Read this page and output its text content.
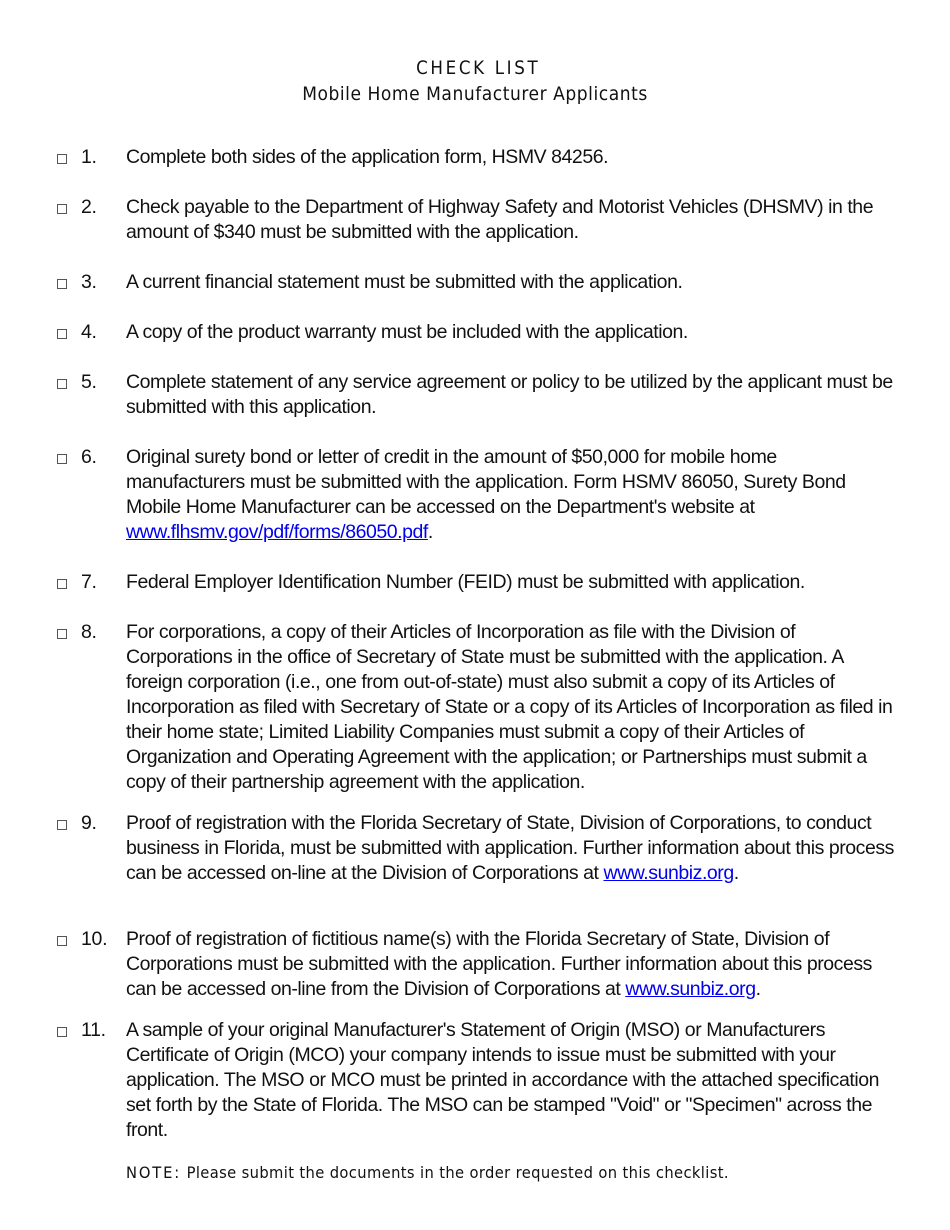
CHECK LIST
Mobile Home Manufacturer Applicants
1. Complete both sides of the application form, HSMV 84256.
2. Check payable to the Department of Highway Safety and Motorist Vehicles (DHSMV) in the amount of $340 must be submitted with the application.
3. A current financial statement must be submitted with the application.
4. A copy of the product warranty must be included with the application.
5. Complete statement of any service agreement or policy to be utilized by the applicant must be submitted with this application.
6. Original surety bond or letter of credit in the amount of $50,000 for mobile home manufacturers must be submitted with the application. Form HSMV 86050, Surety Bond Mobile Home Manufacturer can be accessed on the Department's website at www.flhsmv.gov/pdf/forms/86050.pdf.
7. Federal Employer Identification Number (FEID) must be submitted with application.
8. For corporations, a copy of their Articles of Incorporation as file with the Division of Corporations in the office of Secretary of State must be submitted with the application. A foreign corporation (i.e., one from out-of-state) must also submit a copy of its Articles of Incorporation as filed with Secretary of State or a copy of its Articles of Incorporation as filed in their home state; Limited Liability Companies must submit a copy of their Articles of Organization and Operating Agreement with the application; or Partnerships must submit a copy of their partnership agreement with the application.
9. Proof of registration with the Florida Secretary of State, Division of Corporations, to conduct business in Florida, must be submitted with application. Further information about this process can be accessed on-line at the Division of Corporations at www.sunbiz.org.
10. Proof of registration of fictitious name(s) with the Florida Secretary of State, Division of Corporations must be submitted with the application. Further information about this process can be accessed on-line from the Division of Corporations at www.sunbiz.org.
11. A sample of your original Manufacturer's Statement of Origin (MSO) or Manufacturers Certificate of Origin (MCO) your company intends to issue must be submitted with your application. The MSO or MCO must be printed in accordance with the attached specification set forth by the State of Florida. The MSO can be stamped "Void" or "Specimen" across the front.
NOTE: Please submit the documents in the order requested on this checklist.
